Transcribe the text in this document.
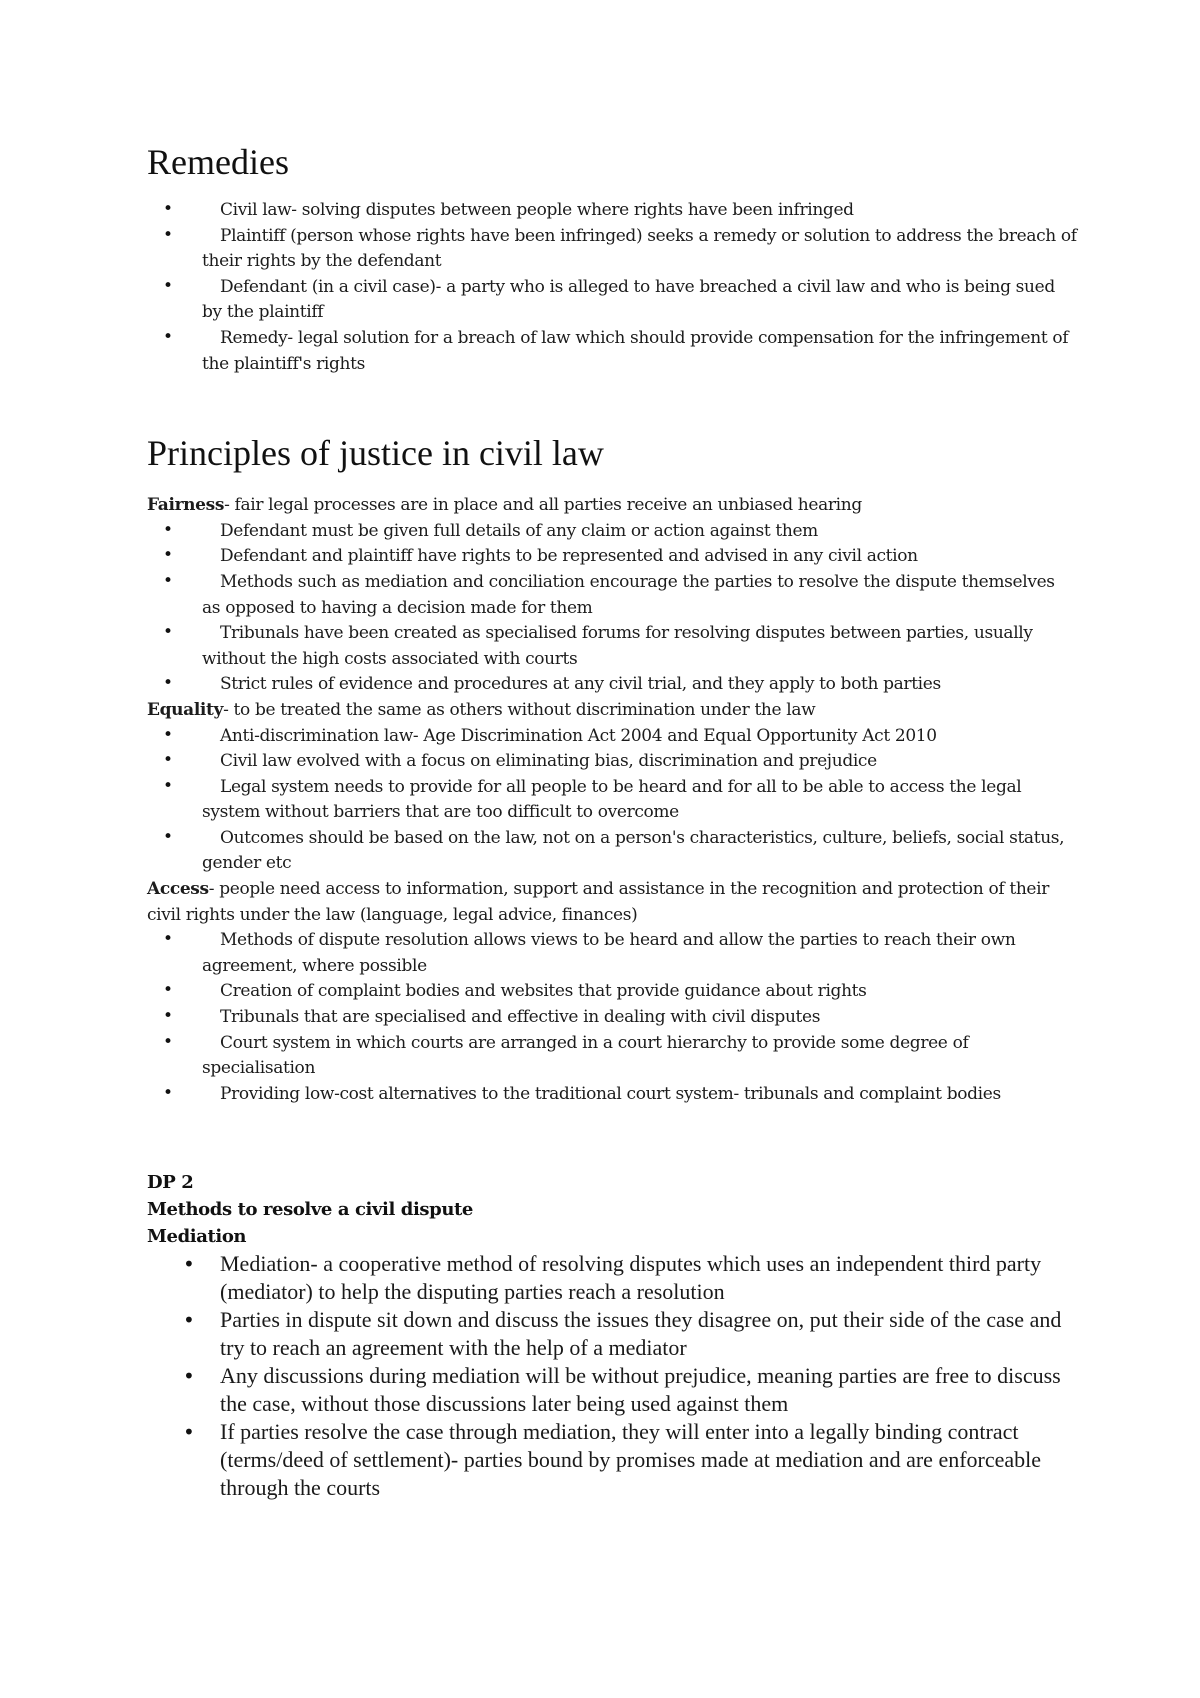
Remedies
• Civil law- solving disputes between people where rights have been infringed
• Plaintiff (person whose rights have been infringed) seeks a remedy or solution to address the breach of their rights by the defendant
• Defendant (in a civil case)- a party who is alleged to have breached a civil law and who is being sued by the plaintiff
• Remedy- legal solution for a breach of law which should provide compensation for the infringement of the plaintiff's rights
Principles of justice in civil law

Fairness- fair legal processes are in place and all parties receive an unbiased hearing

• Defendant must be given full details of any claim or action against them
• Defendant and plaintiff have rights to be represented and advised in any civil action
• Methods such as mediation and conciliation encourage the parties to resolve the dispute themselves as opposed to having a decision made for them
• Tribunals have been created as specialised forums for resolving disputes between parties, usually without the high costs associated with courts
• Strict rules of evidence and procedures at any civil trial, and they apply to both parties

Equality- to be treated the same as others without discrimination under the law

• Anti-discrimination law- Age Discrimination Act 2004 and Equal Opportunity Act 2010
• Civil law evolved with a focus on eliminating bias, discrimination and prejudice
• Legal system needs to provide for all people to be heard and for all to be able to access the legal system without barriers that are too difficult to overcome
• Outcomes should be based on the law, not on a person's characteristics, culture, beliefs, social status, gender etc

Access- people need access to information, support and assistance in the recognition and protection of their civil rights under the law (language, legal advice, finances)

• Methods of dispute resolution allows views to be heard and allow the parties to reach their own agreement, where possible
• Creation of complaint bodies and websites that provide guidance about rights
• Tribunals that are specialised and effective in dealing with civil disputes
• Court system in which courts are arranged in a court hierarchy to provide some degree of specialisation
• Providing low-cost alternatives to the traditional court system- tribunals and complaint bodies

DP 2

Methods to resolve a civil dispute

Mediation

• Mediation- a cooperative method of resolving disputes which uses an independent third party (mediator) to help the disputing parties reach a resolution
• Parties in dispute sit down and discuss the issues they disagree on, put their side of the case and try to reach an agreement with the help of a mediator
• Any discussions during mediation will be without prejudice, meaning parties are free to discuss the case, without those discussions later being used against them
• If parties resolve the case through mediation, they will enter into a legally binding contract (terms/deed of settlement)- parties bound by promises made at mediation and are enforceable through the courts
